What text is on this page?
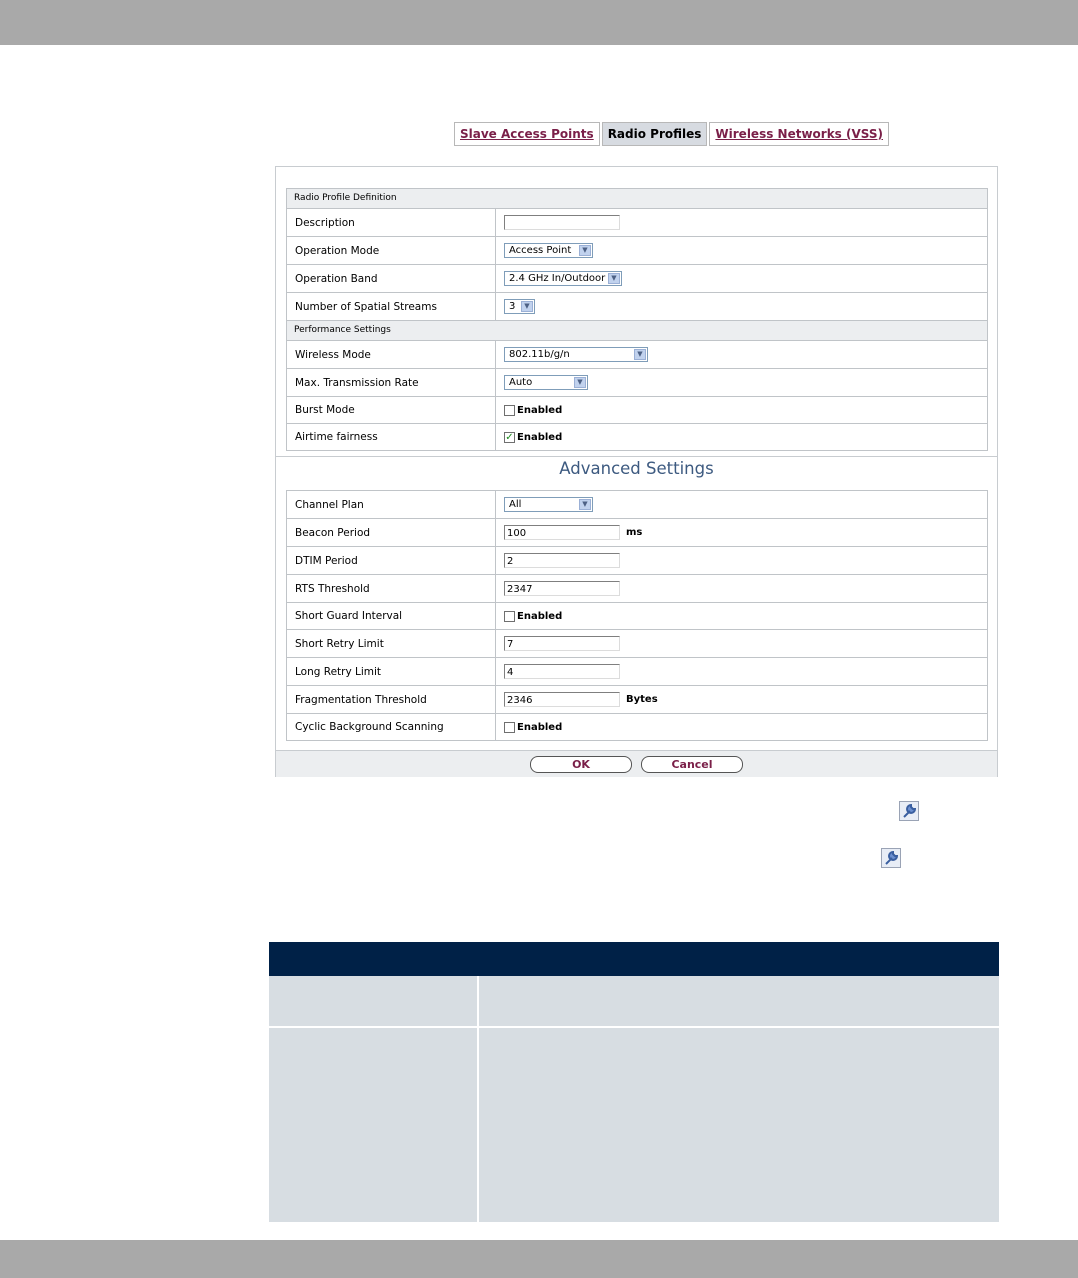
Slave Access Points	Radio Profiles	Wireless Networks (VSS)
Radio Profile Definition
Description
Operation Mode	Access Point	▼
Operation Band	2.4 GHz In/Outdoor ▼
Number of Spatial Streams	3	▼
Performance Settings
Wireless Mode	802.11b/g/n	▼
Max. Transmission Rate	Auto	▼
Burst Mode	Enabled
Airtime fairness	✓ Enabled
Advanced Settings
Channel Plan	All	▼
Beacon Period	100	ms
DTIM Period	2
RTS Threshold	2347
Short Guard Interval	Enabled
Short Retry Limit	7
Long Retry Limit	4
Fragmentation Threshold	2346	Bytes
Cyclic Background Scanning	Enabled
OK	Cancel
